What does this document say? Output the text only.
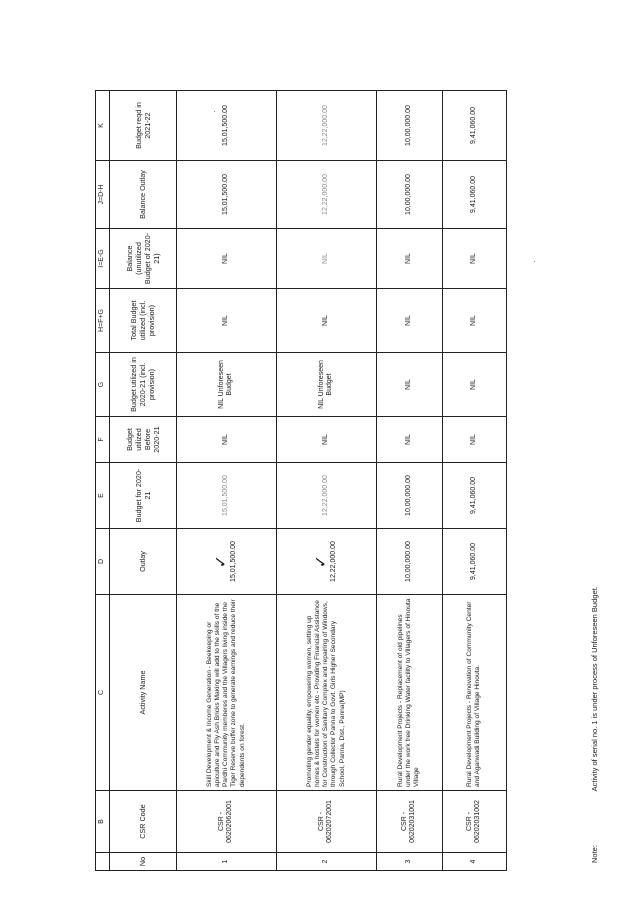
	B	C	D	E	F	G	H=F+G	I=E-G	J=D-H	K
No	CSR Code	Activity Name	Outlay	Budget for 2020-21	Budget utilized Before 2020-21	Budget utilized in 2020-21 (incl. provision)	Total Budget utilized (incl. provision)	Balance (unutilized Budget of 2020-21)	Balance Outlay	Budget reqd in 2021-22
1	CSR - 06202062001	Skill Development & Income Generation - Beekeeping or apiculture and Fly Ash Bricks Making will add to the skills of the Pardhi Community memberes and the Villagers living inside the Tiger Reserve buffer zone to generate earnings and reduce their dependents on forest.	✓ 15,01,500.00	15,01,500.00	NIL	NIL Unforeseen Budget	NIL	NIL	15,01,500.00	15,01,500.00
2	CSR - 06202072001	Promoting gender equality, empowering women, setting up homes & hostels for women etc - Providing Financial Assistance for Construction of Sanitary Complex and repairing of Windows, through Collector Panna to Govt. Girls Higher Secondary School, Panna, Dist., Panna(MP)	✓ 12,22,000.00	12,22,000.00	NIL	NIL Unforeseen Budget	NIL	NIL	12,22,000.00	12,22,000.00
3	CSR - 06202031001	Rural Development Projects - Replacement of old pipelines under the work free Drinking Water facility to Villagers of Hinouta Village	10,00,000.00	10,00,000.00	NIL	NIL	NIL	NIL	10,00,000.00	10,00,000.00
4	CSR - 06202031002	Rural Development Projects - Renovation of Community Center and Aganwadi Building of Village Hinouta.	9,41,060.00	9,41,060.00	NIL	NIL	NIL	NIL	9,41,060.00	9,41,060.00
Note: Activity of serial no. 1 is under process of Unforeseen Budget.
·
·
